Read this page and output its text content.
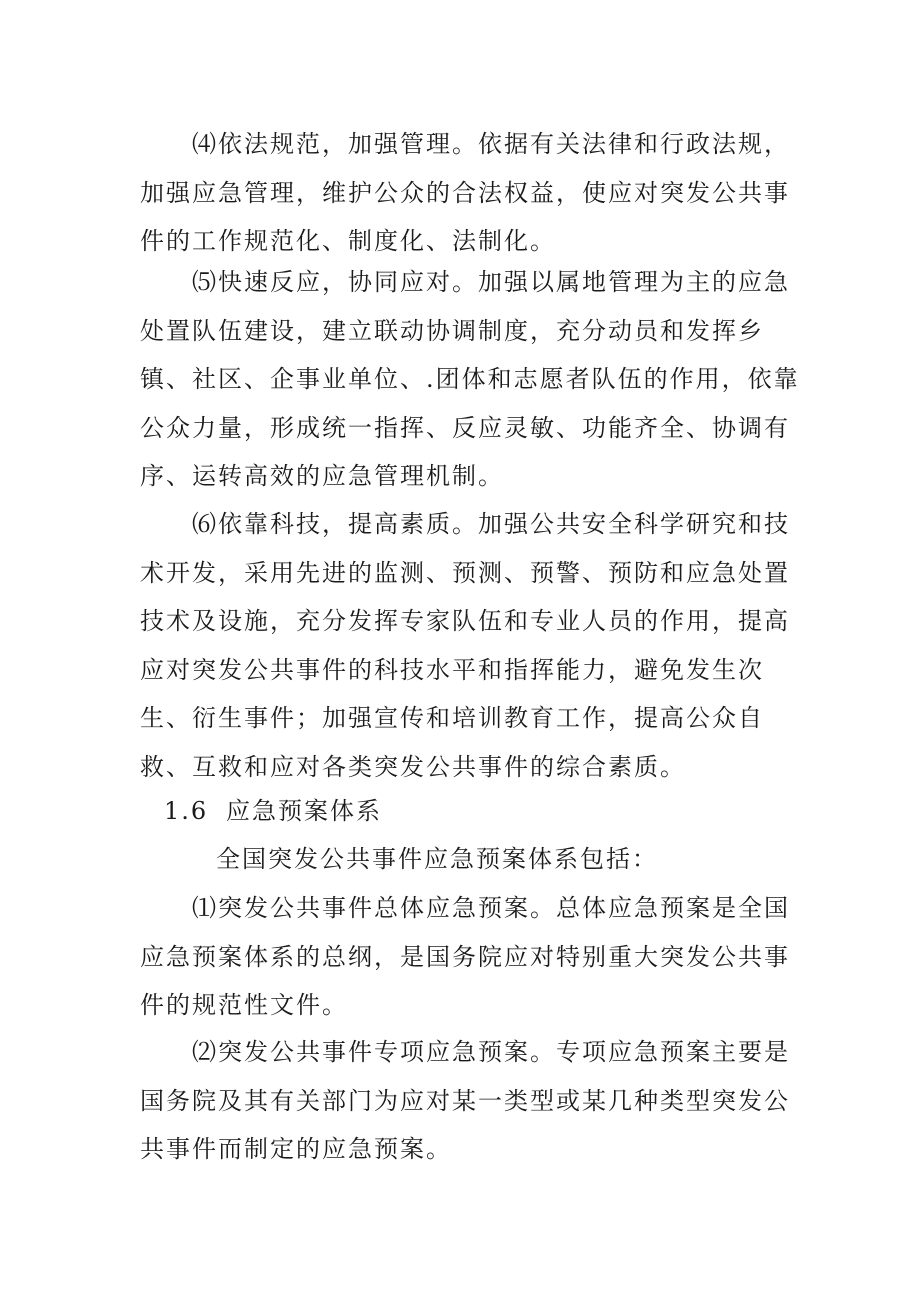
⑷依法规范，加强管理。依据有关法律和行政法规，加强应急管理，维护公众的合法权益，使应对突发公共事件的工作规范化、制度化、法制化。

⑸快速反应，协同应对。加强以属地管理为主的应急处置队伍建设，建立联动协调制度，充分动员和发挥乡镇、社区、企事业单位、.团体和志愿者队伍的作用，依靠公众力量，形成统一指挥、反应灵敏、功能齐全、协调有序、运转高效的应急管理机制。

⑹依靠科技，提高素质。加强公共安全科学研究和技术开发，采用先进的监测、预测、预警、预防和应急处置技术及设施，充分发挥专家队伍和专业人员的作用，提高应对突发公共事件的科技水平和指挥能力，避免发生次生、衍生事件；加强宣传和培训教育工作，提高公众自救、互救和应对各类突发公共事件的综合素质。

1.6 应急预案体系

全国突发公共事件应急预案体系包括：

⑴突发公共事件总体应急预案。总体应急预案是全国应急预案体系的总纲，是国务院应对特别重大突发公共事件的规范性文件。

⑵突发公共事件专项应急预案。专项应急预案主要是国务院及其有关部门为应对某一类型或某几种类型突发公共事件而制定的应急预案。
